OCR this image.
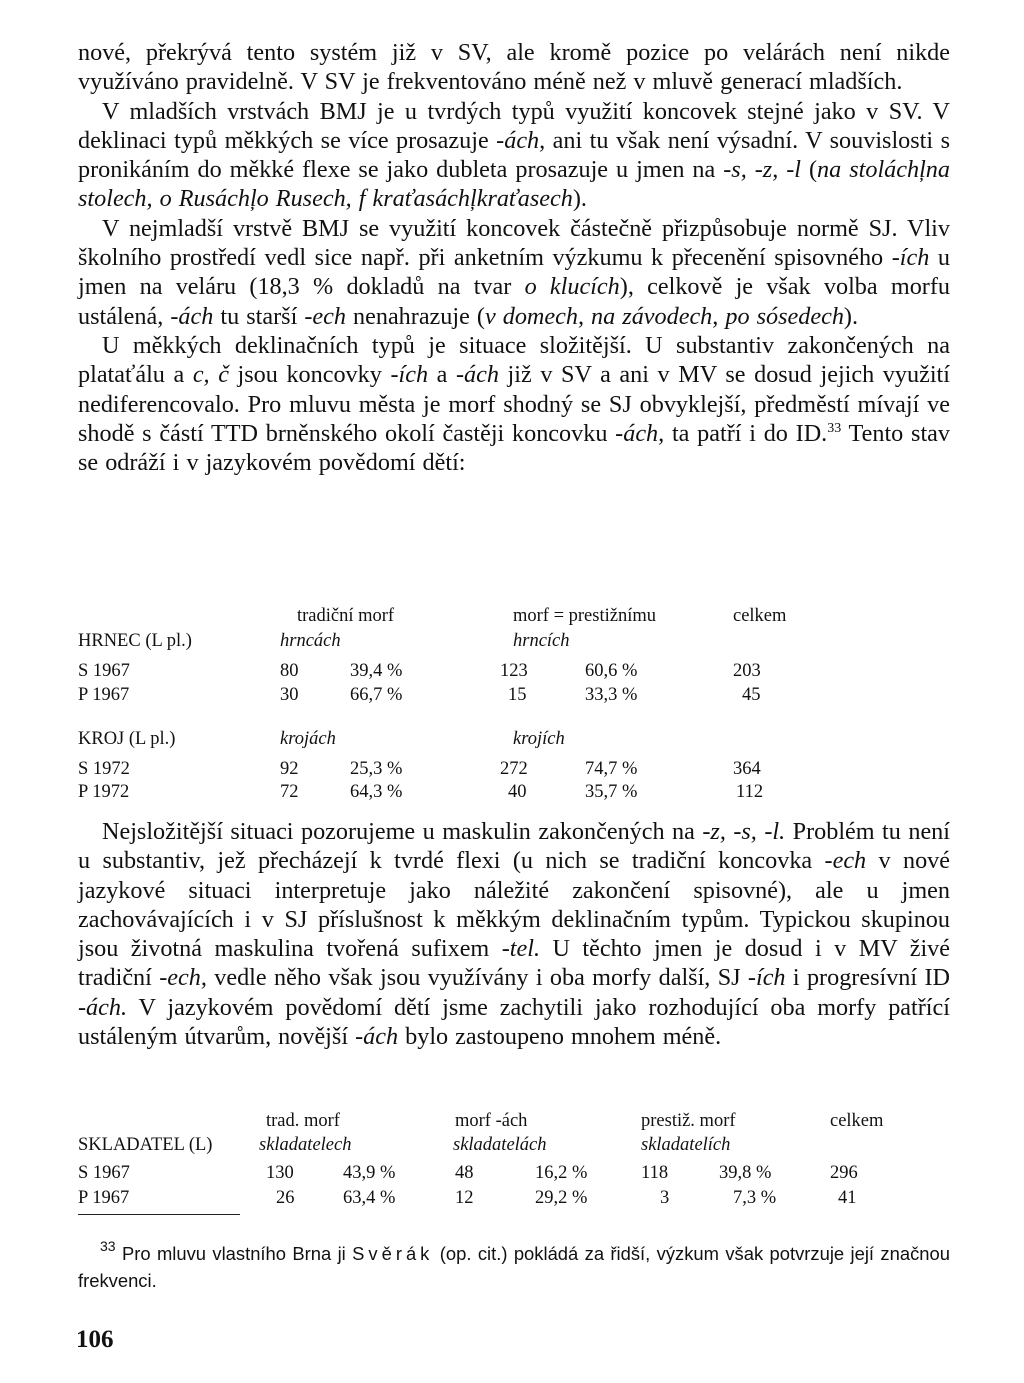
nové, překrývá tento systém již v SV, ale kromě pozice po velárách není nikde využíváno pravidelně. V SV je frekventováno méně než v mluvě generací mladších.

V mladších vrstvách BMJ je u tvrdých typů využití koncovek stejné jako v SV. V deklinaci typů měkkých se více prosazuje -ách, ani tu však není výsadní. V souvislosti s pronikáním do měkké flexe se jako dubleta prosazuje u jmen na -s, -z, -l (na stoláchļna stolech, o Rusáchļo Rusech, f kraťasáchļkraťasech).

V nejmladší vrstvě BMJ se využití koncovek částečně přizpůsobuje normě SJ. Vliv školního prostředí vedl sice např. při anketním výzkumu k přecenění spisovného -ích u jmen na veláru (18,3 % dokladů na tvar o klucích), celkově je však volba morfu ustálená, -ách tu starší -ech nenahrazuje (v domech, na závodech, po sósedech).

U měkkých deklinačních typů je situace složitější. U substantiv zakončených na plataťálu a c, č jsou koncovky -ích a -ách již v SV a ani v MV se dosud jejich využití nediferencovalo. Pro mluvu města je morf shodný se SJ obvyklejší, předměstí mívají ve shodě s částí TTD brněnského okolí častěji koncovku -ách, ta patří i do ID.$^{33}$ Tento stav se odráží i v jazykovém povědomí dětí:

tradiční morf	morf = prestižnímu	celkem
HRNEC (L pl.)	hrncách	hrncích
S 1967	80	39,4 %	123	60,6 %	203
P 1967	30	66,7 %	15	33,3 %	45
KROJ (L pl.)	krojách	krojích
S 1972	92	25,3 %	272	74,7 %	364
P 1972	72	64,3 %	40	35,7 %	112

Nejsložitější situaci pozorujeme u maskulin zakončených na -z, -s, -l. Problém tu není u substantiv, jež přecházejí k tvrdé flexi (u nich se tradiční koncovka -ech v nové jazykové situaci interpretuje jako náležité zakončení spisovné), ale u jmen zachovávajících i v SJ příslušnost k měkkým deklinačním typům. Typickou skupinou jsou životná maskulina tvořená sufixem -tel. U těchto jmen je dosud i v MV živé tradiční -ech, vedle něho však jsou využívány i oba morfy další, SJ -ích i progresívní ID -ách. V jazykovém povědomí dětí jsme zachytili jako rozhodující oba morfy patřící ustáleným útvarům, novější -ách bylo zastoupeno mnohem méně.

trad. morf	morf -ách	prestiž. morf	celkem
SKLADATEL (L)	skladatelech	skladatelách	skladatelích
S 1967	130	43,9 %	48	16,2 %	118	39,8 %	296
P 1967	26	63,4 %	12	29,2 %	3	7,3 %	41
$^{33}$ Pro mluvu vlastního Brna ji Svěrák (op. cit.) pokládá za řidší, výzkum však potvrzuje její značnou frekvenci.
106
